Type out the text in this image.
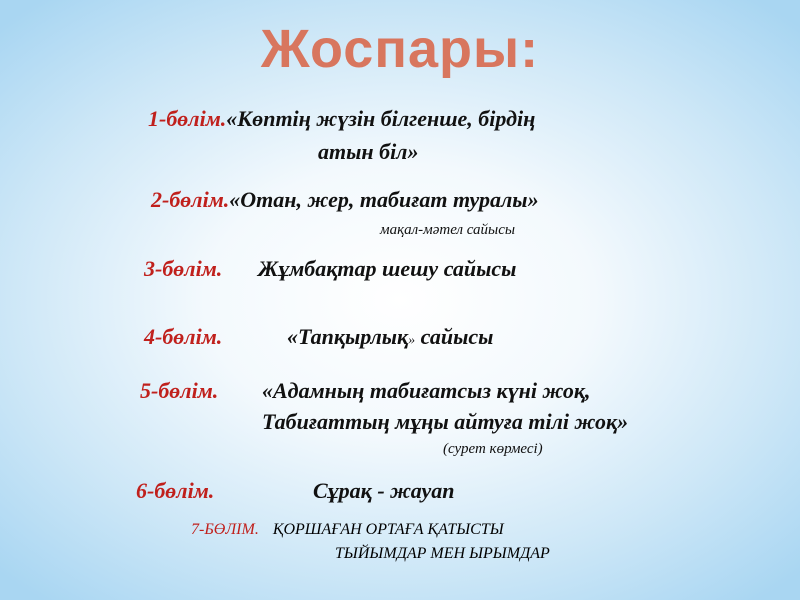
Жоспары:
1-бөлім.«Көптің жүзін білгенше, бірдің
атын біл»
2-бөлім.«Отан, жер, табиғат туралы»
мақал-мәтел сайысы
3-бөлім. Жұмбақтар шешу сайысы
4-бөлім.	«Тапқырлық» сайысы
5-бөлім. «Адамның табиғатсыз күні жоқ,
Табиғаттың мұңы айтуға тілі жоқ»
(сурет көрмесі)
6-бөлім.	Сұрақ - жауап
7-БӨЛІМ. ҚОРШАҒАН ОРТАҒА ҚАТЫСТЫ
ТЫЙЫМДАР МЕН ЫРЫМДАР
